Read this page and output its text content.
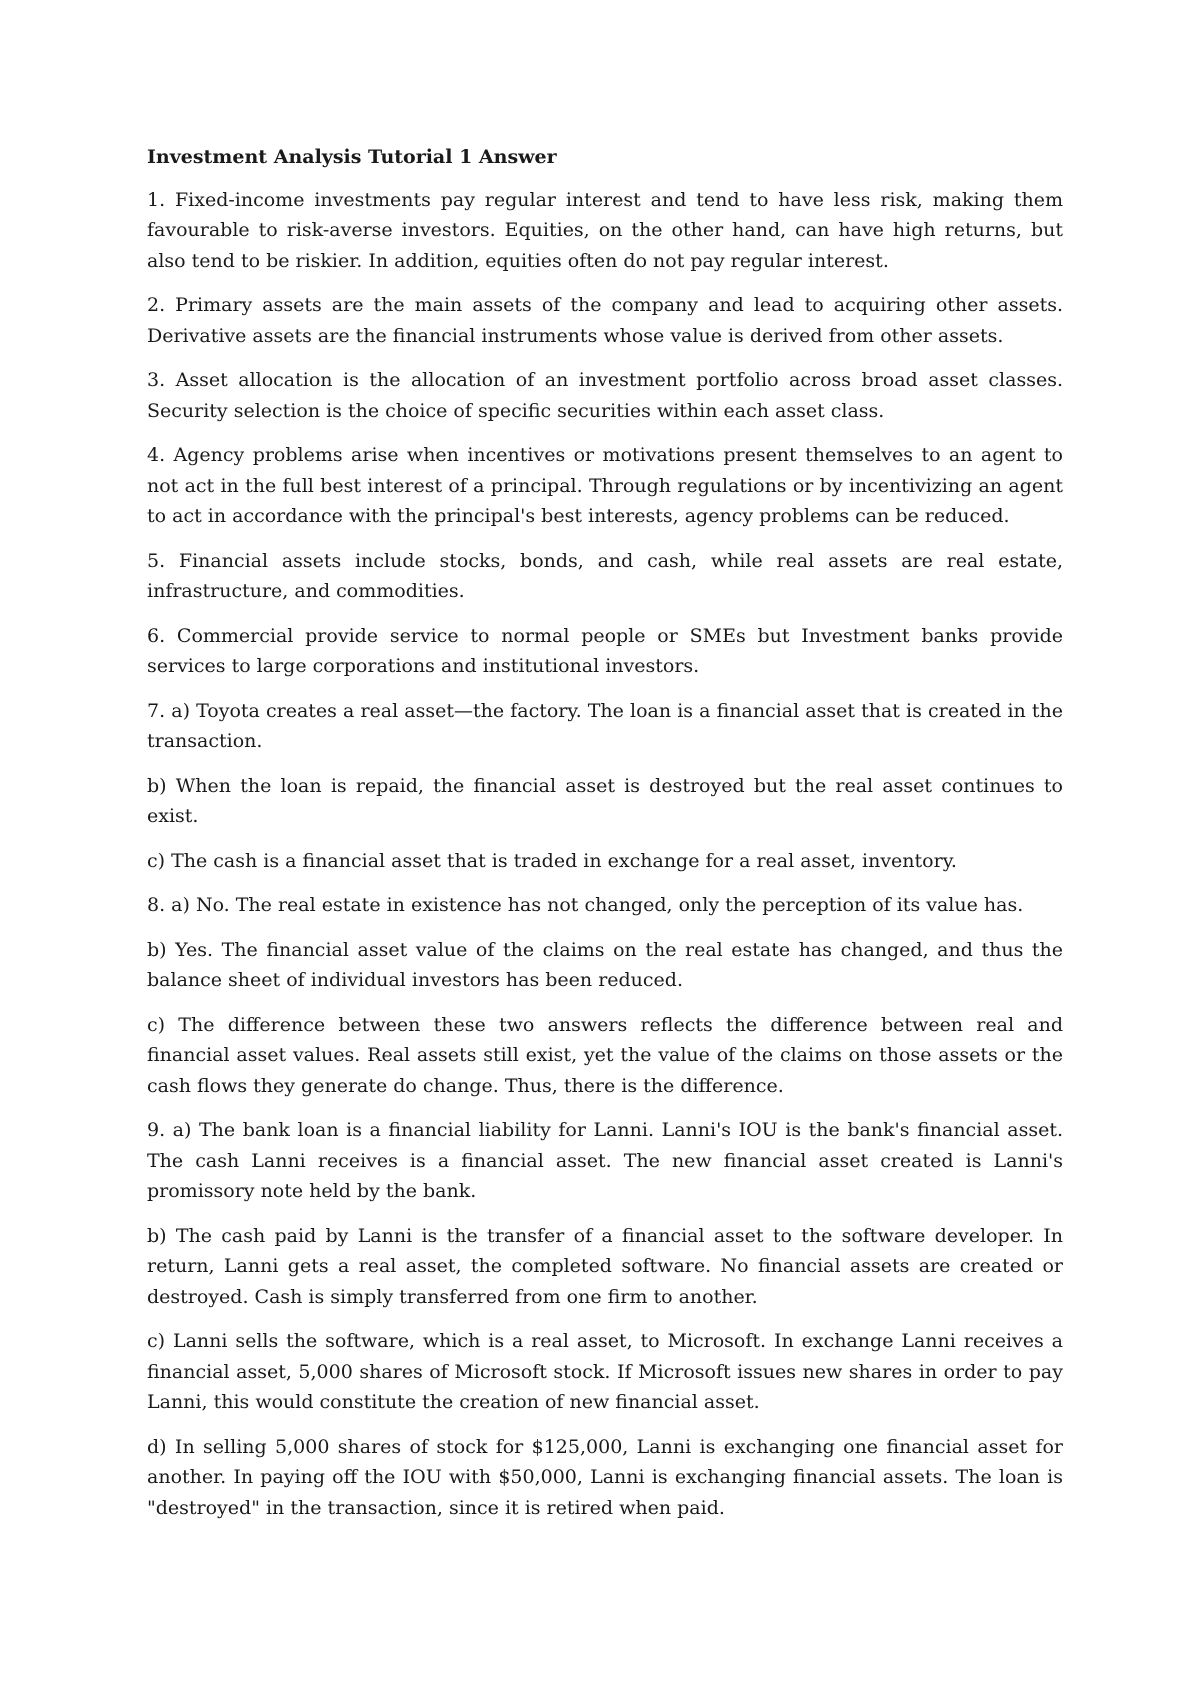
Investment Analysis Tutorial 1 Answer

1. Fixed-income investments pay regular interest and tend to have less risk, making them favourable to risk-averse investors. Equities, on the other hand, can have high returns, but also tend to be riskier. In addition, equities often do not pay regular interest.

2. Primary assets are the main assets of the company and lead to acquiring other assets. Derivative assets are the financial instruments whose value is derived from other assets.

3. Asset allocation is the allocation of an investment portfolio across broad asset classes. Security selection is the choice of specific securities within each asset class.

4. Agency problems arise when incentives or motivations present themselves to an agent to not act in the full best interest of a principal. Through regulations or by incentivizing an agent to act in accordance with the principal's best interests, agency problems can be reduced.

5. Financial assets include stocks, bonds, and cash, while real assets are real estate, infrastructure, and commodities.

6. Commercial provide service to normal people or SMEs but Investment banks provide services to large corporations and institutional investors.

7. a) Toyota creates a real asset—the factory. The loan is a financial asset that is created in the transaction.

b) When the loan is repaid, the financial asset is destroyed but the real asset continues to exist.

c) The cash is a financial asset that is traded in exchange for a real asset, inventory.

8. a) No. The real estate in existence has not changed, only the perception of its value has.

b) Yes. The financial asset value of the claims on the real estate has changed, and thus the balance sheet of individual investors has been reduced.

c) The difference between these two answers reflects the difference between real and financial asset values. Real assets still exist, yet the value of the claims on those assets or the cash flows they generate do change. Thus, there is the difference.

9. a) The bank loan is a financial liability for Lanni. Lanni's IOU is the bank's financial asset. The cash Lanni receives is a financial asset. The new financial asset created is Lanni's promissory note held by the bank.

b) The cash paid by Lanni is the transfer of a financial asset to the software developer. In return, Lanni gets a real asset, the completed software. No financial assets are created or destroyed. Cash is simply transferred from one firm to another.

c) Lanni sells the software, which is a real asset, to Microsoft. In exchange Lanni receives a financial asset, 5,000 shares of Microsoft stock. If Microsoft issues new shares in order to pay Lanni, this would constitute the creation of new financial asset.

d) In selling 5,000 shares of stock for $125,000, Lanni is exchanging one financial asset for another. In paying off the IOU with $50,000, Lanni is exchanging financial assets. The loan is "destroyed" in the transaction, since it is retired when paid.
